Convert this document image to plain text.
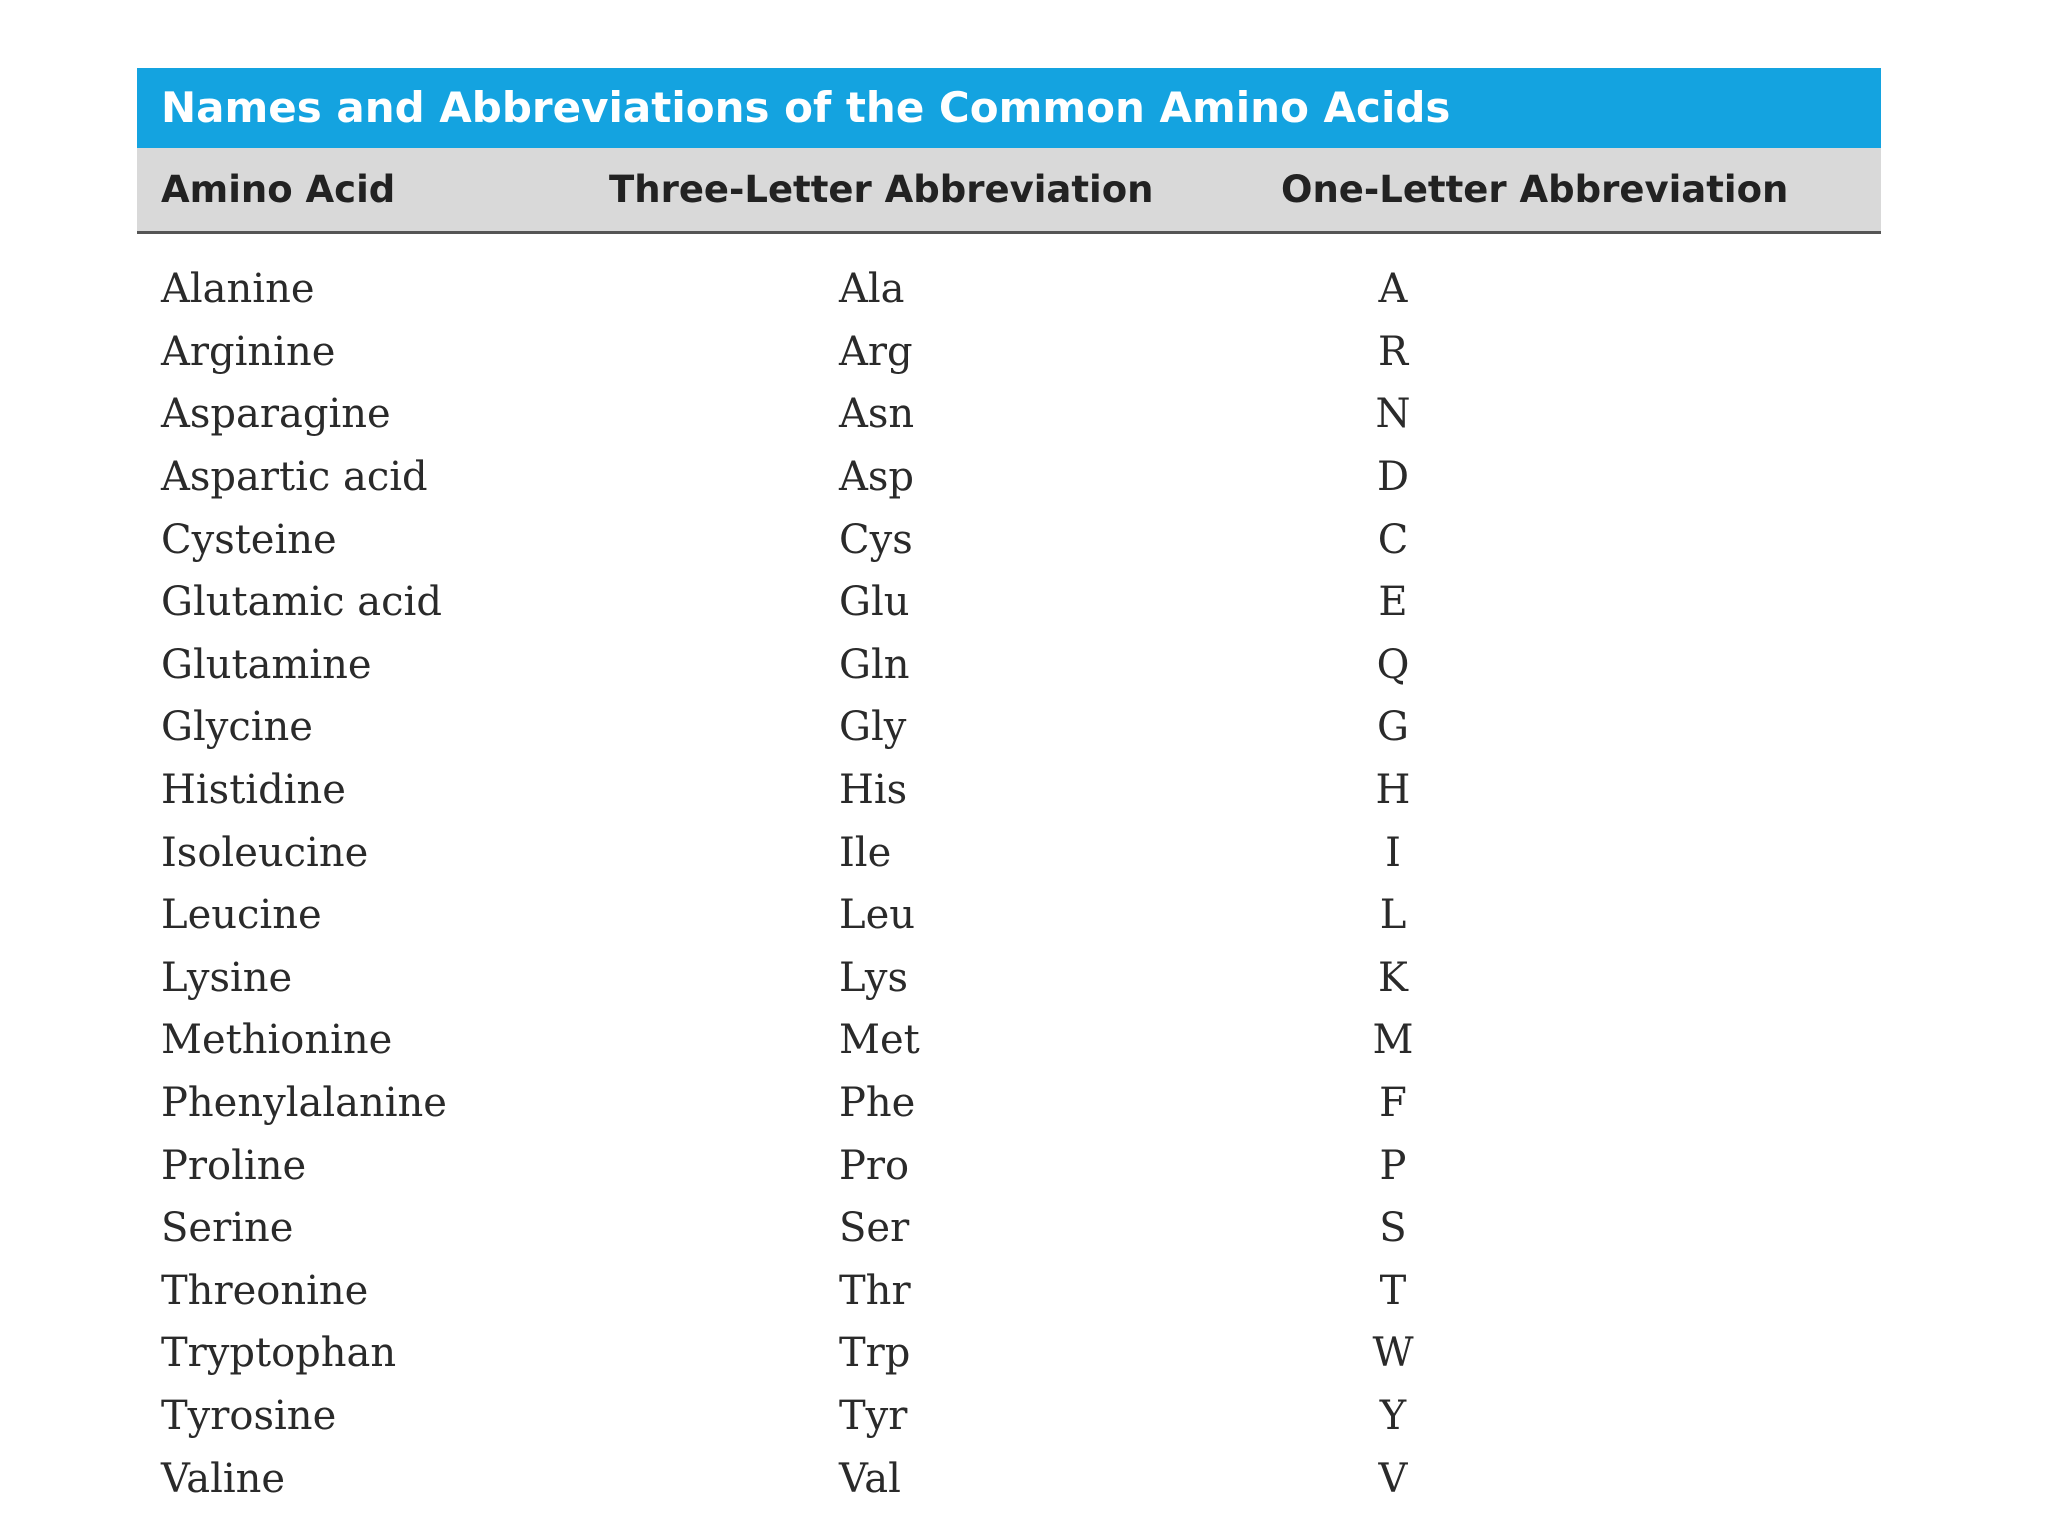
Names and Abbreviations of the Common Amino Acids
Amino Acid	Three-Letter Abbreviation	One-Letter Abbreviation
Alanine	Ala	A
Arginine	Arg	R
Asparagine	Asn	N
Aspartic acid	Asp	D
Cysteine	Cys	C
Glutamic acid	Glu	E
Glutamine	Gln	Q
Glycine	Gly	G
Histidine	His	H
Isoleucine	Ile	I
Leucine	Leu	L
Lysine	Lys	K
Methionine	Met	M
Phenylalanine	Phe	F
Proline	Pro	P
Serine	Ser	S
Threonine	Thr	T
Tryptophan	Trp	W
Tyrosine	Tyr	Y
Valine	Val	V
